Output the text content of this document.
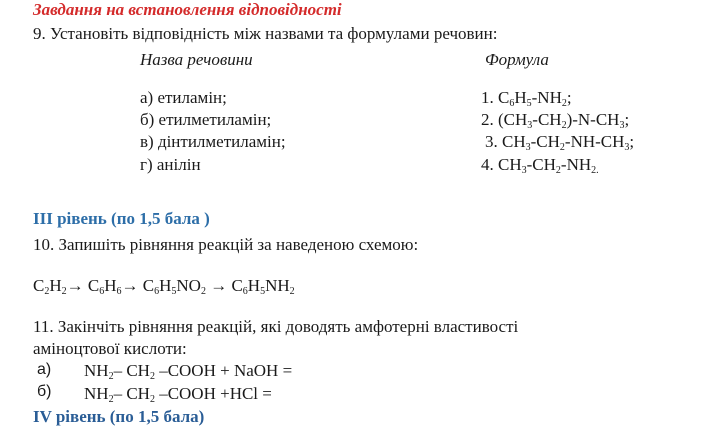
Завдання на встановлення відповідності
9. Установіть відповідність між назвами та формулами речовин:
Назва речовини	Формула
а) етиламін;
б) етилметиламін;
в) дінтилметиламін;
г) анілін
1. $C_6H_5-NH_2$;
2. $(CH_3-CH_2)-N-CH_3$;
3. $CH_3-CH_2-NH-CH_3$;
4. $CH_3-CH_2-NH_{2.}$
ІІІ рівень (по 1,5 бала )
10. Запишіть рівняння реакцій за наведеною схемою:
$C_2H_2\to C_6H_6\to C_6H_5NO_2 \to C_6H_5NH_2$
11. Закінчіть рівняння реакцій, які доводять амфотерні властивості
аміноцтової кислоти:
а) $NH_2-$ $CH_2$ –COOH + NaOH =
б) $NH_2-$ $CH_2$ –COOH +HCl =
IV рівень (по 1,5 бала)
